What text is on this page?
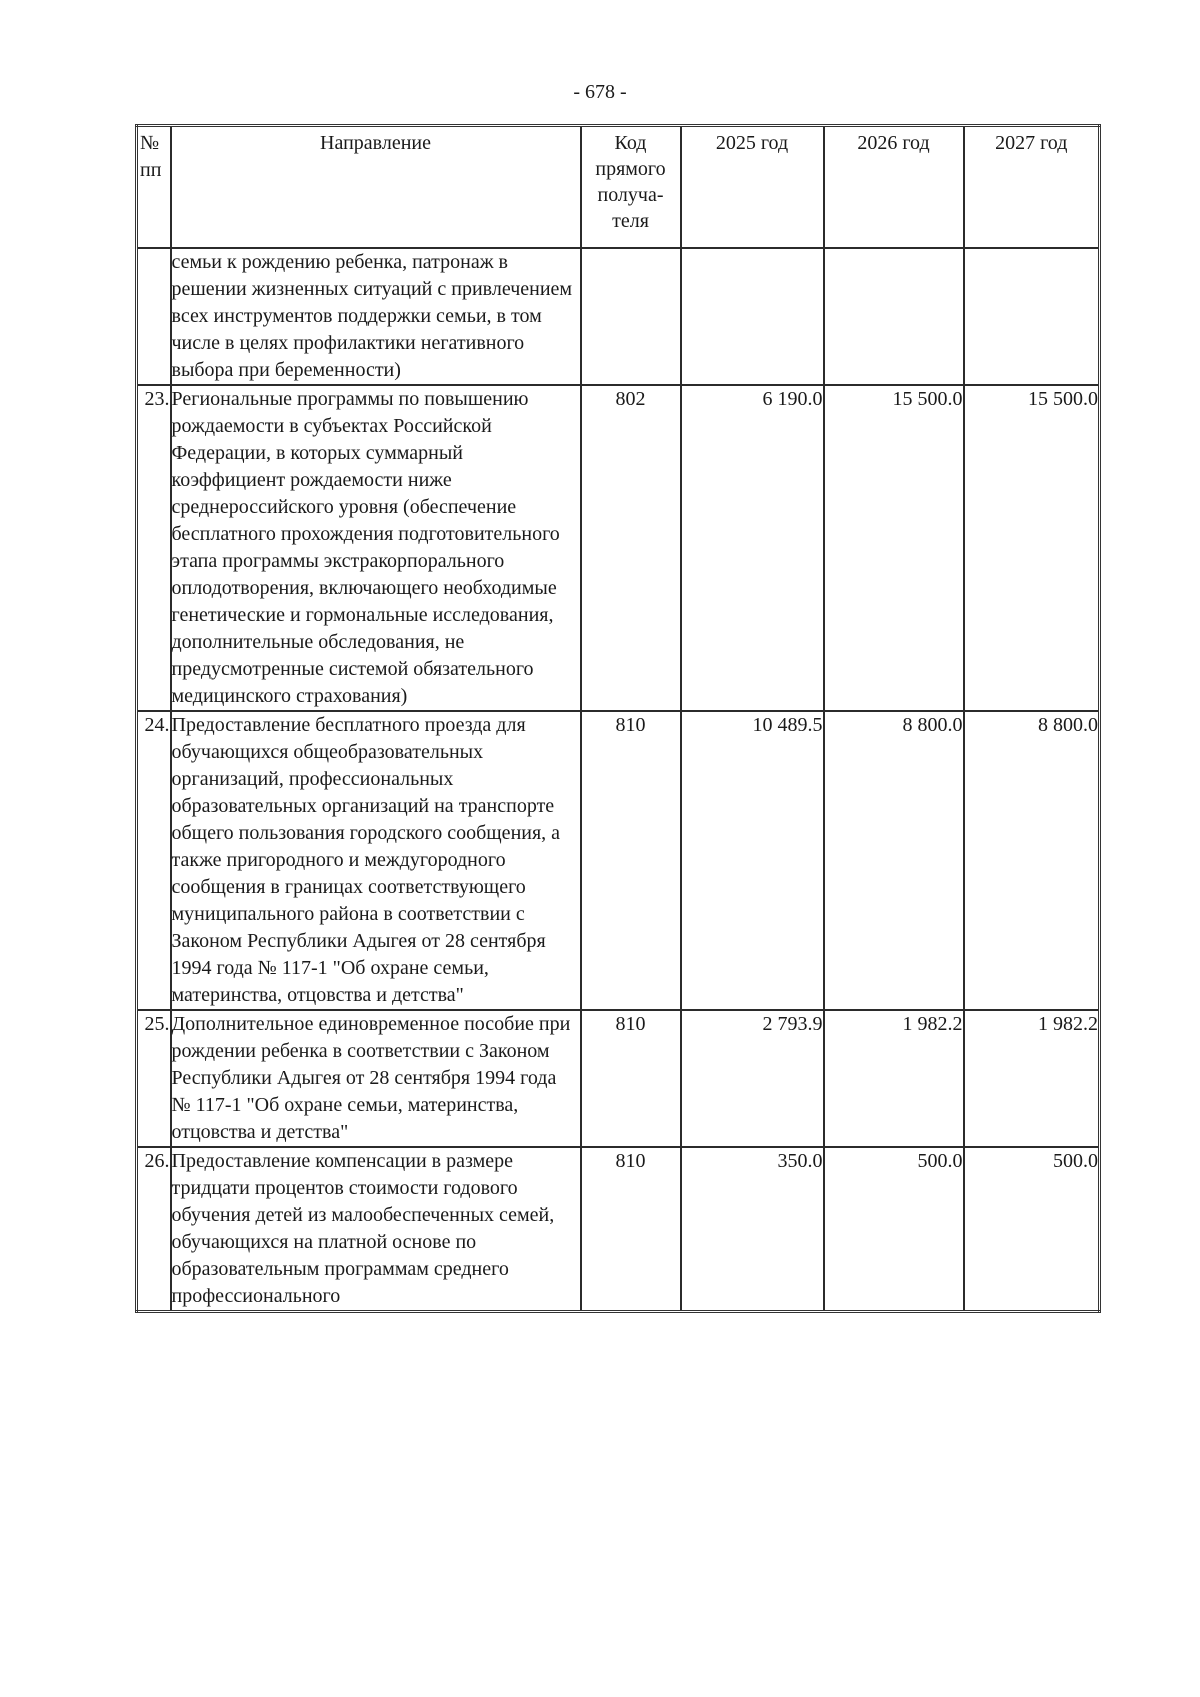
- 678 -
№ пп	Направление	Код прямого получа-теля	2025 год	2026 год	2027 год
	семьи к рождению ребенка, патронаж в решении жизненных ситуаций с привлечением всех инструментов поддержки семьи, в том числе в целях профилактики негативного выбора при беременности)				
23.	Региональные программы по повышению рождаемости в субъектах Российской Федерации, в которых суммарный коэффициент рождаемости ниже среднероссийского уровня (обеспечение бесплатного прохождения подготовительного этапа программы экстракорпорального оплодотворения, включающего необходимые генетические и гормональные исследования, дополнительные обследования, не предусмотренные системой обязательного медицинского страхования)	802	6 190.0	15 500.0	15 500.0
24.	Предоставление бесплатного проезда для обучающихся общеобразовательных организаций, профессиональных образовательных организаций на транспорте общего пользования городского сообщения, а также пригородного и междугородного сообщения в границах соответствующего муниципального района в соответствии с Законом Республики Адыгея от 28 сентября 1994 года № 117-1 "Об охране семьи, материнства, отцовства и детства"	810	10 489.5	8 800.0	8 800.0
25.	Дополнительное единовременное пособие при рождении ребенка в соответствии с Законом Республики Адыгея от 28 сентября 1994 года № 117-1 "Об охране семьи, материнства, отцовства и детства"	810	2 793.9	1 982.2	1 982.2
26.	Предоставление компенсации в размере тридцати процентов стоимости годового обучения детей из малообеспеченных семей, обучающихся на платной основе по образовательным программам среднего профессионального	810	350.0	500.0	500.0
